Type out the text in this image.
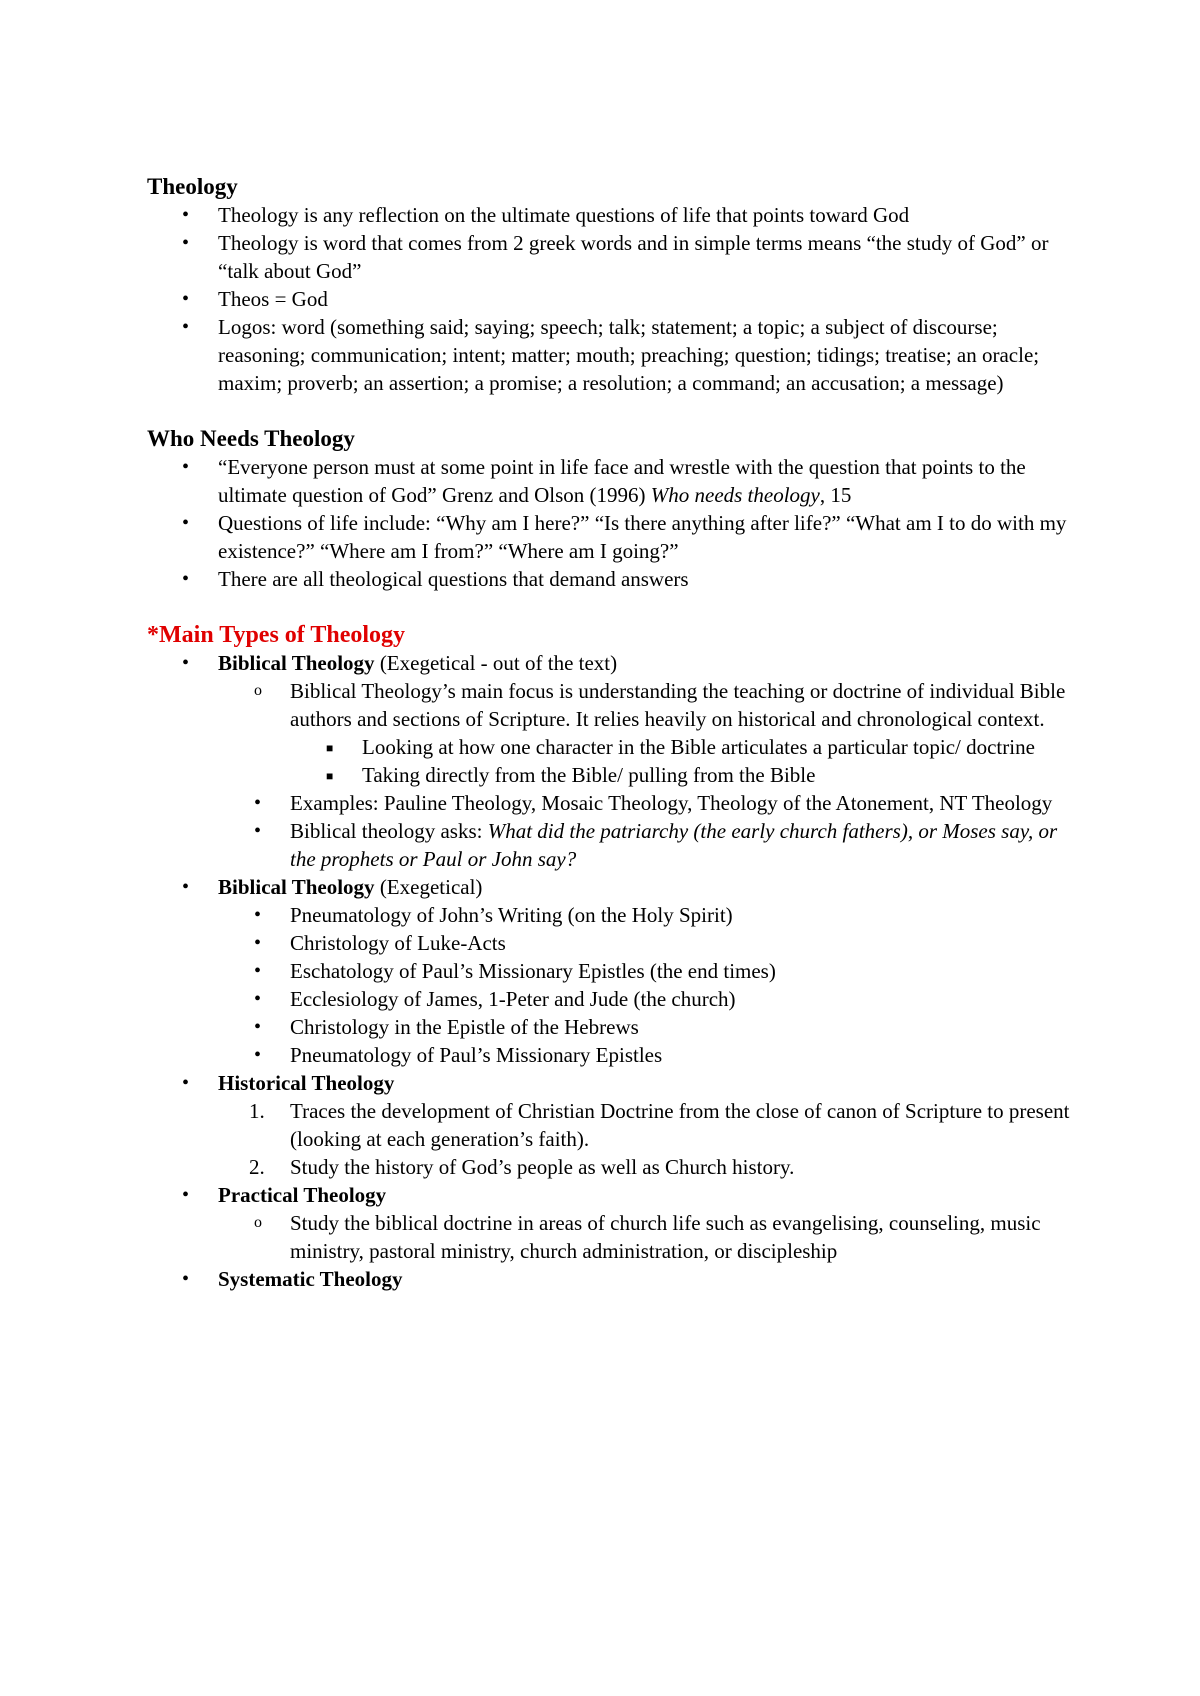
Theology
• Theology is any reflection on the ultimate questions of life that points toward God
• Theology is word that comes from 2 greek words and in simple terms means “the study of God” or “talk about God”
• Theos = God
• Logos: word (something said; saying; speech; talk; statement; a topic; a subject of discourse; reasoning; communication; intent; matter; mouth; preaching; question; tidings; treatise; an oracle; maxim; proverb; an assertion; a promise; a resolution; a command; an accusation; a message)
Who Needs Theology
• “Everyone person must at some point in life face and wrestle with the question that points to the ultimate question of God” Grenz and Olson (1996) Who needs theology, 15
• Questions of life include: “Why am I here?” “Is there anything after life?” “What am I to do with my existence?” “Where am I from?” “Where am I going?”
• There are all theological questions that demand answers
*Main Types of Theology
• Biblical Theology (Exegetical - out of the text)
o Biblical Theology’s main focus is understanding the teaching or doctrine of individual Bible authors and sections of Scripture. It relies heavily on historical and chronological context.
■ Looking at how one character in the Bible articulates a particular topic/ doctrine
■ Taking directly from the Bible/ pulling from the Bible
• Examples: Pauline Theology, Mosaic Theology, Theology of the Atonement, NT Theology
• Biblical theology asks: What did the patriarchy (the early church fathers), or Moses say, or the prophets or Paul or John say?
• Biblical Theology (Exegetical)
• Pneumatology of John’s Writing (on the Holy Spirit)
• Christology of Luke-Acts
• Eschatology of Paul’s Missionary Epistles (the end times)
• Ecclesiology of James, 1-Peter and Jude (the church)
• Christology in the Epistle of the Hebrews
• Pneumatology of Paul’s Missionary Epistles
• Historical Theology
1. Traces the development of Christian Doctrine from the close of canon of Scripture to present (looking at each generation’s faith).
2. Study the history of God’s people as well as Church history.
• Practical Theology
o Study the biblical doctrine in areas of church life such as evangelising, counseling, music ministry, pastoral ministry, church administration, or discipleship
• Systematic Theology
